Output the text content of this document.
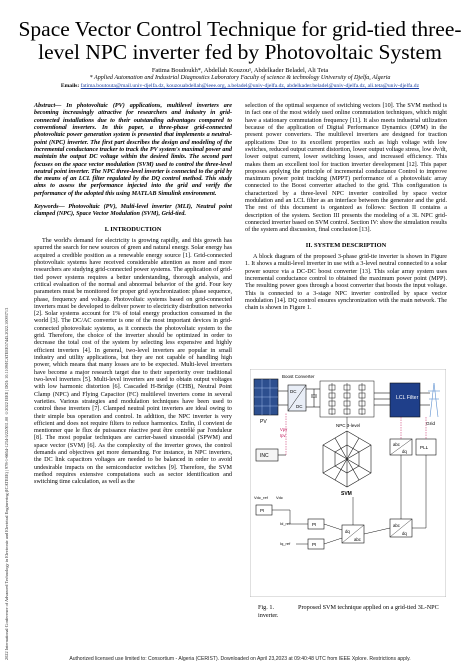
2022 International Conference of Advanced Technology in Electronic and Electrical Engineering (ICATEEE) | 978-1-6654-1234-5/22/$31.00 ©2022 IEEE | DOI: 10.1109/ICATEEE57445.2022.10093713
Space Vector Control Technique for grid-tied three-level NPC inverter fed by Photovoltaic System
Fatima Boudoukh*, Abdellah Kouzou¹, Abdelkader Beladel, Ali Teta
* Applied Automation and Industrial Diagnostics Laboratory Faculty of science & technology University of Djelfa, Algeria
Emails: fatima.boutouta@mail.univ-djelfa.dz, kouzouabdellah@ieee.org, a.beladel@univ-djelfa.dz, abdelkader.beladel@univ-djelfa.dz, ali.teta@univ-djelfa.dz

Abstract— In photovoltaic (PV) applications, multilevel inverters are becoming increasingly attractive for researchers and industry in grid-connected installations due to their outstanding advantages compared to conventional inverters. In this paper, a three-phase grid-connected photovoltaic power generation system is presented that implements a neutral-point (NPC) inverter. The first part describes the design and modeling of the incremental conductance tracker to track the PV system's maximal power and maintain the output DC voltage within the desired limits. The second part focuses on the space vector modulation (SVM) used to control the three-level neutral point inverter. The NPC three-level inverter is connected to the grid by the means of an LCL filter regulated by the DQ control method. This study aims to assess the performance injected into the grid and verify the performance of the adopted this using MATLAB Simulink environment.

Keywords— Photovoltaic (PV), Multi-level inverter (MLI), Neutral point clamped (NPC), Space Vector Modulation (SVM), Grid-tied.

I. INTRODUCTION

The world's demand for electricity is growing rapidly, and this growth has spurred the search for new sources of green and natural energy. Solar energy has acquired a credible position as a renewable energy source [1]. Grid-connected photovoltaic systems have received considerable attention as more and more researchers are studying grid-connected power systems. The application of grid-tied power systems requires a better understanding, thorough analysis, and critical evaluation of the normal and abnormal behavior of the grid. Four key parameters must be monitored for proper grid synchronization: phase sequence, phase, frequency and voltage. Photovoltaic systems based on grid-connected inverters must be developed to deliver power to electricity distribution networks [2]. Solar systems account for 1% of total energy production consumed in the world [3]. The DC/AC converter is one of the most important devices in grid-connected photovoltaic systems, as it connects the photovoltaic system to the grid. Therefore, the choice of the inverter should be optimized in order to decrease the total cost of the system by selecting less expensive and highly efficient inverters [4]. In general, two-level inverters are popular in small industry and utility applications, but they are not capable of handling high power, which means that many losses are to be expected. Multi-level inverters have become a major research target due to their superiority over traditional two-level inverters [5]. Multi-level inverters are used to obtain output voltages with low harmonic distortion [6]. Cascaded H-Bridge (CHB), Neutral Point Clamp (NPC) and Flying Capacitor (FC) multilevel inverters come in several varieties. Various strategies and modulation techniques have been used to control these inverters [7]. Clamped neutral point inverters are ideal owing to their simple bus operation and control. In addition, the NPC inverter is very efficient and does not require filters to reduce harmonics. Enfin, il convient de mentionner que le flux de puissance réactive peut être contrôlé par l'onduleur [8]. The most popular techniques are carrier-based sinusoidal (SPWM) and space vector (SVM) [6]. As the complexity of the inverter grows, the control demands and objectives get more demanding. For instance, in NPC inverters, the DC link capacitors voltages are needed to be balanced in order to avoid undesirable impacts on the semiconductor switches [9]. Therefore, the SVM method requires extensive computations such as sector identification and switching time calculation, as well as the

selection of the optimal sequence of switching vectors [10]. The SVM method is in fact one of the most widely used online commutation techniques, which might have a stationary commutation frequency [11]. It also meets industrial utilization because of the application of Digital Performance Dynamics (DPM) in the present power converters. The multilevel inverters are designed for traction applications Due to its excellent properties such as high voltage with low switches, reduced output current distortion, lower output voltage stress, low dv/dt, lower output current, lower switching losses, and increased efficiency. This makes them an excellent tool for traction inverter development [12]. This paper proposes applying the principle of incremental conductance Control to improve maximum power point tracking (MPPT) performance of a photovoltaic array connected to the Boost converter attached to the grid. This configuration is characterized by a three-level NPC inverter controlled by space vector modulation and an LCL filter as an interface between the generator and the grid. The rest of this document is organized as follows: Section II contains a description of the system. Section III presents the modeling of a 3L NPC grid-connected inverter based on SVM control. Section IV: show the simulation results of the system and discussion, final conclusion [13].

II. SYSTEM DESCRIPTION

A block diagram of the proposed 3-phase grid-tie inverter is shown in Figure 1. It shows a multi-level inverter in use with a 3-level neutral connected to a solar power source via a DC-DC boost converter [13]. This solar array system uses incremental conductance control to obtained the maximum power point (MPP). The resulting power goes through a boost converter that boosts the input voltage. This is connected to a 3-stage NPC inverter controlled by space vector modulation [14]. DQ control ensures synchronization with the main network. The chain is shown in Figure 1.

PV
Boost Converter
DC
DC
LCL Filter
Grid
Vpv
Ipv
INC
NPC 3-level
SVM
abc
dq
PLL
PI
Vdc_ref Vdc
Id_ref
Iq_ref
PI
PI
dq
abc
abc
dq
Fig. 1.	Proposed SVM technique applied on a grid-tied 3L-NPC inverter.
Authorized licensed use limited to: Consortium - Algeria (CERIST). Downloaded on April 23,2023 at 09:40:48 UTC from IEEE Xplore. Restrictions apply.
